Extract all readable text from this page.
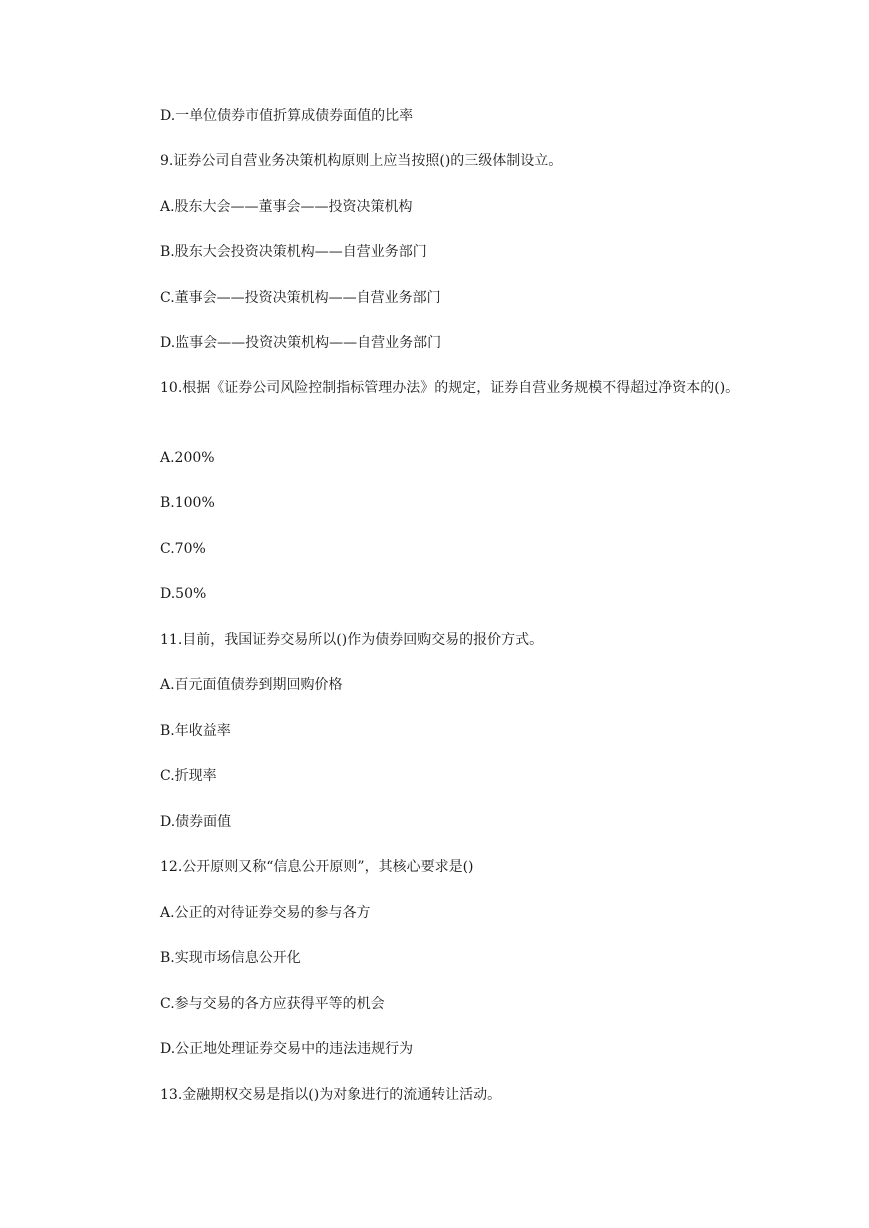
D.一单位债券市值折算成债券面值的比率
9.证券公司自营业务决策机构原则上应当按照()的三级体制设立。
A.股东大会——董事会——投资决策机构
B.股东大会投资决策机构——自营业务部门
C.董事会——投资决策机构——自营业务部门
D.监事会——投资决策机构——自营业务部门
10.根据《证券公司风险控制指标管理办法》的规定，证券自营业务规模不得超过净资本的()。
A.200%
B.100%
C.70%
D.50%
11.目前，我国证券交易所以()作为债券回购交易的报价方式。
A.百元面值债券到期回购价格
B.年收益率
C.折现率
D.债券面值
12.公开原则又称“信息公开原则”，其核心要求是()
A.公正的对待证券交易的参与各方
B.实现市场信息公开化
C.参与交易的各方应获得平等的机会
D.公正地处理证券交易中的违法违规行为
13.金融期权交易是指以()为对象进行的流通转让活动。
